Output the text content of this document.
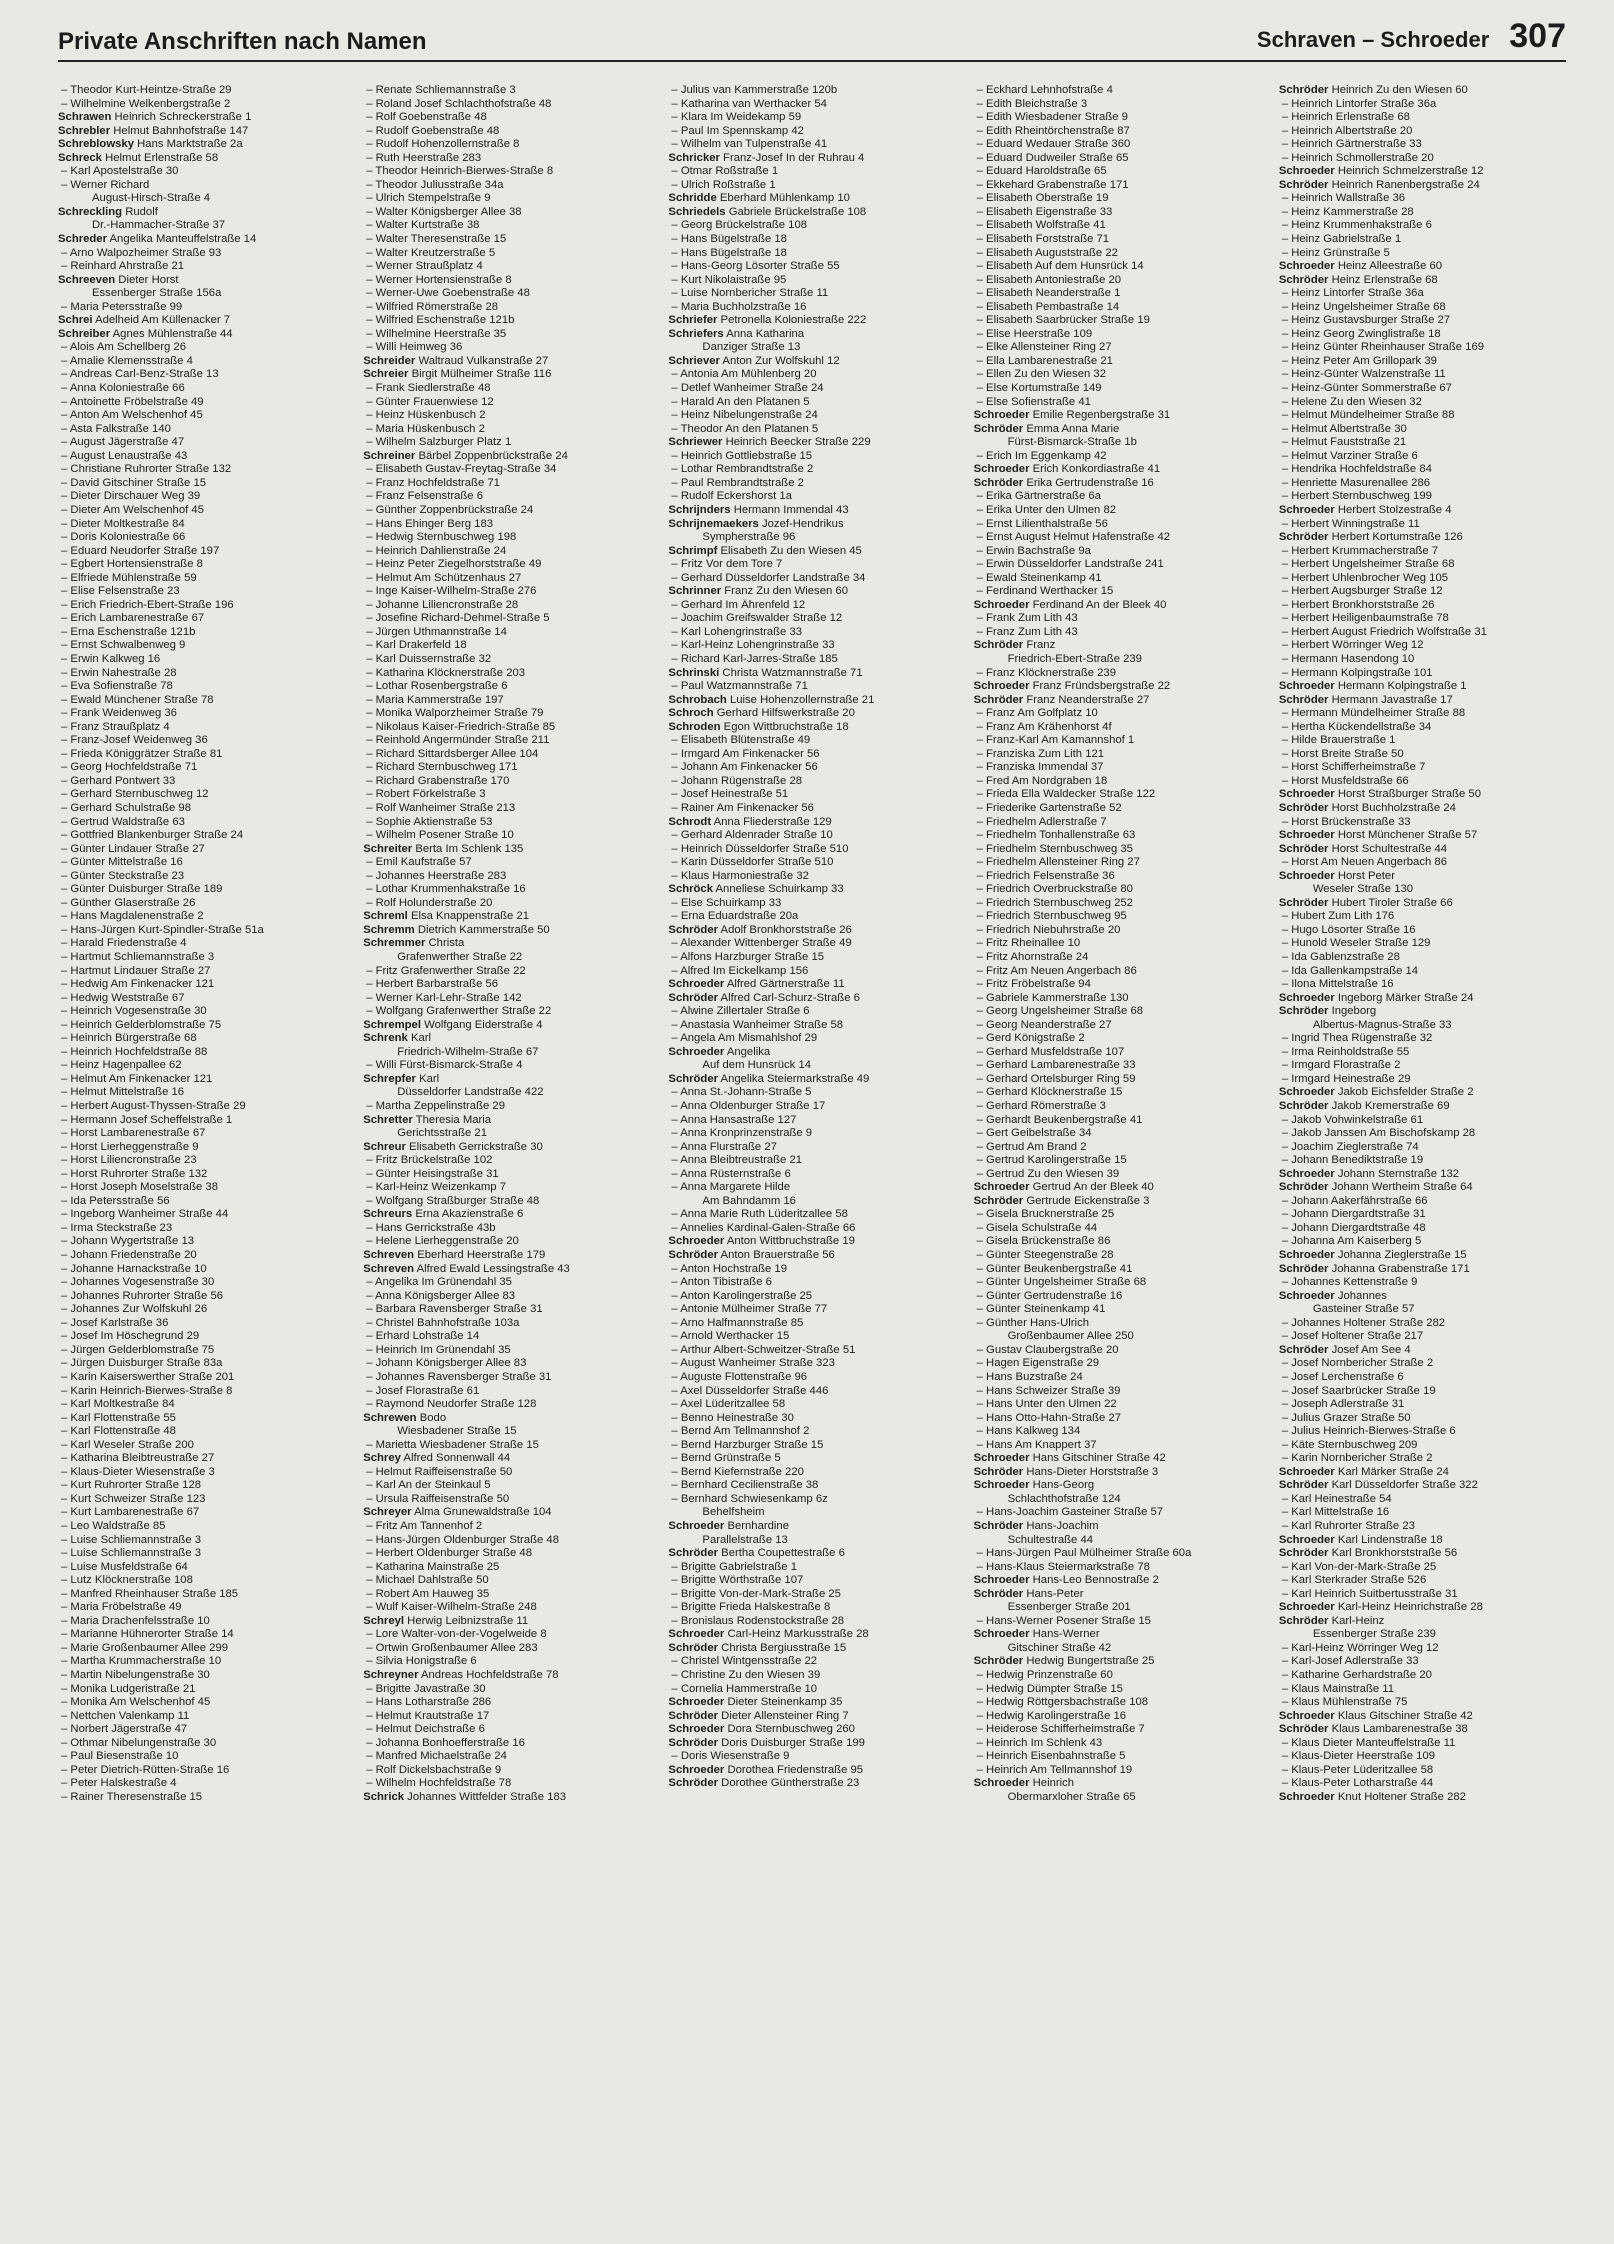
Private Anschriften nach Namen	Schraven – Schroeder 307
– Theodor Kurt-Heintze-Straße 29
– Wilhelmine Welkenbergstraße 2
Schrawen Heinrich Schreckerstraße 1
Schrebler Helmut Bahnhofstraße 147
Schreblowsky Hans Marktstraße 2a
Schreck Helmut Erlenstraße 58
– Karl Apostelstraße 30
– Werner Richard
August-Hirsch-Straße 4
Schreckling Rudolf
Dr.-Hammacher-Straße 37
Schreder Angelika Manteuffelstraße 14
– Arno Walpozheimer Straße 93
– Reinhard Ahrstraße 21
Schreeven Dieter Horst
Essenberger Straße 156a
– Maria Petersstraße 99
Schrei Adelheid Am Küllenacker 7
Schreiber Agnes Mühlenstraße 44
– Alois Am Schellberg 26
– Amalie Klemensstraße 4
– Andreas Carl-Benz-Straße 13
– Anna Koloniestraße 66
– Antoinette Fröbelstraße 49
– Anton Am Welschenhof 45
– Asta Falkstraße 140
– August Jägerstraße 47
– August Lenaustraße 43
– Christiane Ruhrorter Straße 132
– David Gitschiner Straße 15
– Dieter Dirschauer Weg 39
– Dieter Am Welschenhof 45
– Dieter Moltkestraße 84
– Doris Koloniestraße 66
– Eduard Neudorfer Straße 197
– Egbert Hortensienstraße 8
– Elfriede Mühlenstraße 59
– Elise Felsenstraße 23
– Erich Friedrich-Ebert-Straße 196
– Erich Lambarenestraße 67
– Erna Eschenstraße 121b
– Ernst Schwalbenweg 9
– Erwin Kalkweg 16
– Erwin Nahestraße 28
– Eva Sofienstraße 78
– Ewald Münchener Straße 78
– Frank Weidenweg 36
– Franz Straußplatz 4
– Franz-Josef Weidenweg 36
– Frieda Königgrätzer Straße 81
– Georg Hochfeldstraße 71
– Gerhard Pontwert 33
– Gerhard Sternbuschweg 12
– Gerhard Schulstraße 98
– Gertrud Waldstraße 63
– Gottfried Blankenburger Straße 24
– Günter Lindauer Straße 27
– Günter Mittelstraße 16
– Günter Steckstraße 23
– Günter Duisburger Straße 189
– Günther Glaserstraße 26
– Hans Magdalenenstraße 2
– Hans-Jürgen Kurt-Spindler-Straße 51a
– Harald Friedenstraße 4
– Hartmut Schliemannstraße 3
– Hartmut Lindauer Straße 27
– Hedwig Am Finkenacker 121
– Hedwig Weststraße 67
– Heinrich Vogesenstraße 30
– Heinrich Gelderblomstraße 75
– Heinrich Bürgerstraße 68
– Heinrich Hochfeldstraße 88
– Heinz Hagenpallee 62
– Helmut Am Finkenacker 121
– Helmut Mittelstraße 16
– Herbert August-Thyssen-Straße 29
– Hermann Josef Scheffelstraße 1
– Horst Lambarenestraße 67
– Horst Lierheggenstraße 9
– Horst Liliencronstraße 23
– Horst Ruhrorter Straße 132
– Horst Joseph Moselstraße 38
– Ida Petersstraße 56
– Ingeborg Wanheimer Straße 44
– Irma Steckstraße 23
– Johann Wygertstraße 13
– Johann Friedenstraße 20
– Johanne Harnackstraße 10
– Johannes Vogesenstraße 30
– Johannes Ruhrorter Straße 56
– Johannes Zur Wolfskuhl 26
– Josef Karlstraße 36
– Josef Im Höschegrund 29
– Jürgen Gelderblomstraße 75
– Jürgen Duisburger Straße 83a
– Karin Kaiserswerther Straße 201
– Karin Heinrich-Bierwes-Straße 8
– Karl Moltkestraße 84
– Karl Flottenstraße 55
– Karl Flottenstraße 48
– Karl Weseler Straße 200
– Katharina Bleibtreustraße 27
– Klaus-Dieter Wiesenstraße 3
– Kurt Ruhrorter Straße 128
– Kurt Schweizer Straße 123
– Kurt Lambarenestraße 67
– Leo Waldstraße 85
– Luise Schliemannstraße 3
– Luise Schliemannstraße 3
– Luise Musfeldstraße 64
– Lutz Klöcknerstraße 108
– Manfred Rheinhauser Straße 185
– Maria Fröbelstraße 49
– Maria Drachenfelsstraße 10
– Marianne Hühnerorter Straße 14
– Marie Großenbaumer Allee 299
– Martha Krummacherstraße 10
– Martin Nibelungenstraße 30
– Monika Ludgeristraße 21
– Monika Am Welschenhof 45
– Nettchen Valenkamp 11
– Norbert Jägerstraße 47
– Othmar Nibelungenstraße 30
– Paul Biesenstraße 10
– Peter Dietrich-Rütten-Straße 16
– Peter Halskestraße 4
– Rainer Theresenstraße 15
– Renate Schliemannstraße 3
– Roland Josef Schlachthofstraße 48
– Rolf Goebenstraße 48
– Rudolf Goebenstraße 48
– Rudolf Hohenzollernstraße 8
– Ruth Heerstraße 283
– Theodor Heinrich-Bierwes-Straße 8
– Theodor Juliusstraße 34a
– Ulrich Stempelstraße 9
– Walter Königsberger Allee 38
– Walter Kurtstraße 38
– Walter Theresenstraße 15
– Walter Kreutzerstraße 5
– Werner Straußplatz 4
– Werner Hortensienstraße 8
– Werner-Uwe Goebenstraße 48
– Wilfried Römerstraße 28
– Wilfried Eschenstraße 121b
– Wilhelmine Heerstraße 35
– Willi Heimweg 36
Schreider Waltraud Vulkanstraße 27
Schreier Birgit Mülheimer Straße 116
– Frank Siedlerstraße 48
– Günter Frauenwiese 12
– Heinz Hüskenbusch 2
– Maria Hüskenbusch 2
– Wilhelm Salzburger Platz 1
Schreiner Bärbel Zoppenbrückstraße 24
– Elisabeth Gustav-Freytag-Straße 34
– Franz Hochfeldstraße 71
– Franz Felsenstraße 6
– Günther Zoppenbrückstraße 24
– Hans Ehinger Berg 183
– Hedwig Sternbuschweg 198
– Heinrich Dahlienstraße 24
– Heinz Peter Ziegelhorststraße 49
– Helmut Am Schützenhaus 27
– Inge Kaiser-Wilhelm-Straße 276
– Johanne Liliencronstraße 28
– Josefine Richard-Dehmel-Straße 5
– Jürgen Uthmannstraße 14
– Karl Drakerfeld 18
– Karl Duissernstraße 32
– Katharina Klöcknerstraße 203
– Lothar Rosenbergstraße 6
– Maria Kammerstraße 197
– Monika Walporzheimer Straße 79
– Nikolaus Kaiser-Friedrich-Straße 85
– Reinhold Angermünder Straße 211
– Richard Sittardsberger Allee 104
– Richard Sternbuschweg 171
– Richard Grabenstraße 170
– Robert Förkelstraße 3
– Rolf Wanheimer Straße 213
– Sophie Aktienstraße 53
– Wilhelm Posener Straße 10
Schreiter Berta Im Schlenk 135
– Emil Kaufstraße 57
– Johannes Heerstraße 283
– Lothar Krummenhakstraße 16
– Rolf Holunderstraße 20
Schreml Elsa Knappenstraße 21
Schremm Dietrich Kammerstraße 50
Schremmer Christa
Grafenwerther Straße 22
– Fritz Grafenwerther Straße 22
– Herbert Barbarstraße 56
– Werner Karl-Lehr-Straße 142
– Wolfgang Grafenwerther Straße 22
Schrempel Wolfgang Eiderstraße 4
Schrenk Karl
Friedrich-Wilhelm-Straße 67
– Willi Fürst-Bismarck-Straße 4
Schrepfer Karl
Düsseldorfer Landstraße 422
– Martha Zeppelinstraße 29
Schretter Theresia Maria
Gerichtsstraße 21
Schreur Elisabeth Gerrickstraße 30
– Fritz Brückelstraße 102
– Günter Heisingstraße 31
– Karl-Heinz Weizenkamp 7
– Wolfgang Straßburger Straße 48
Schreurs Erna Akazienstraße 6
– Hans Gerrickstraße 43b
– Helene Lierheggenstraße 20
Schreven Eberhard Heerstraße 179
Schreven Alfred Ewald Lessingstraße 43
– Angelika Im Grünendahl 35
– Anna Königsberger Allee 83
– Barbara Ravensberger Straße 31
– Christel Bahnhofstraße 103a
– Erhard Lohstraße 14
– Heinrich Im Grünendahl 35
– Johann Königsberger Allee 83
– Johannes Ravensberger Straße 31
– Josef Florastraße 61
– Raymond Neudorfer Straße 128
Schrewen Bodo
Wiesbadener Straße 15
– Marietta Wiesbadener Straße 15
Schrey Alfred Sonnenwall 44
– Helmut Raiffeisenstraße 50
– Karl An der Steinkaul 5
– Ursula Raiffeisenstraße 50
Schreyer Alma Grunewaldstraße 104
– Fritz Am Tannenhof 2
– Hans-Jürgen Oldenburger Straße 48
– Herbert Oldenburger Straße 48
– Katharina Mainstraße 25
– Michael Dahlstraße 50
– Robert Am Hauweg 35
– Wulf Kaiser-Wilhelm-Straße 248
Schreyl Herwig Leibnizstraße 11
– Lore Walter-von-der-Vogelweide 8
– Ortwin Großenbaumer Allee 283
– Silvia Honigstraße 6
Schreyner Andreas Hochfeldstraße 78
– Brigitte Javastraße 30
– Hans Lotharstraße 286
– Helmut Krautstraße 17
– Helmut Deichstraße 6
– Johanna Bonhoefferstraße 16
– Manfred Michaelstraße 24
– Rolf Dickelsbachstraße 9
– Wilhelm Hochfeldstraße 78
Schrick Johannes Wittfelder Straße 183
– Julius van Kammerstraße 120b
– Katharina van Werthacker 54
– Klara Im Weidekamp 59
– Paul Im Spennskamp 42
– Wilhelm van Tulpenstraße 41
Schricker Franz-Josef In der Ruhrau 4
– Otmar Roßstraße 1
– Ulrich Roßstraße 1
Schridde Eberhard Mühlenkamp 10
Schriedels Gabriele Brückelstraße 108
– Georg Brückelstraße 108
– Hans Bügelstraße 18
– Hans Bügelstraße 18
– Hans-Georg Lösorter Straße 55
– Kurt Nikolaistraße 95
– Luise Nornbericher Straße 11
– Maria Buchholzstraße 16
Schriefer Petronella Koloniestraße 222
Schriefers Anna Katharina
Danziger Straße 13
Schriever Anton Zur Wolfskuhl 12
– Antonia Am Mühlenberg 20
– Detlef Wanheimer Straße 24
– Harald An den Platanen 5
– Heinz Nibelungenstraße 24
– Theodor An den Platanen 5
Schriewer Heinrich Beecker Straße 229
– Heinrich Gottliebstraße 15
– Lothar Rembrandtstraße 2
– Paul Rembrandtstraße 2
– Rudolf Eckershorst 1a
Schrijnders Hermann Immendal 43
Schrijnemaekers Jozef-Hendrikus
Sympherstraße 96
Schrimpf Elisabeth Zu den Wiesen 45
– Fritz Vor dem Tore 7
– Gerhard Düsseldorfer Landstraße 34
Schrinner Franz Zu den Wiesen 60
– Gerhard Im Ährenfeld 12
– Joachim Greifswalder Straße 12
– Karl Lohengrinstraße 33
– Karl-Heinz Lohengrinstraße 33
– Richard Karl-Jarres-Straße 185
Schrinski Christa Watzmannstraße 71
– Paul Watzmannstraße 71
Schrobach Luise Hohenzollernstraße 21
Schroch Gerhard Hilfswerkstraße 20
Schroden Egon Wittbruchstraße 18
– Elisabeth Blütenstraße 49
– Irmgard Am Finkenacker 56
– Johann Am Finkenacker 56
– Johann Rügenstraße 28
– Josef Heinestraße 51
– Rainer Am Finkenacker 56
Schrodt Anna Fliederstraße 129
– Gerhard Aldenrader Straße 10
– Heinrich Düsseldorfer Straße 510
– Karin Düsseldorfer Straße 510
– Klaus Harmoniestraße 32
Schröck Anneliese Schuirkamp 33
– Else Schuirkamp 33
– Erna Eduardstraße 20a
Schröder Adolf Bronkhorststraße 26
– Alexander Wittenberger Straße 49
– Alfons Harzburger Straße 15
– Alfred Im Eickelkamp 156
Schroeder Alfred Gärtnerstraße 11
Schröder Alfred Carl-Schurz-Straße 6
– Alwine Zillertaler Straße 6
– Anastasia Wanheimer Straße 58
– Angela Am Mismahlshof 29
Schroeder Angelika
Auf dem Hunsrück 14
Schröder Angelika Steiermarkstraße 49
– Anna St.-Johann-Straße 5
– Anna Oldenburger Straße 17
– Anna Hansastraße 127
– Anna Kronprinzenstraße 9
– Anna Flurstraße 27
– Anna Bleibtreustraße 21
– Anna Rüsternstraße 6
– Anna Margarete Hilde
Am Bahndamm 16
– Anna Marie Ruth Lüderitzallee 58
– Annelies Kardinal-Galen-Straße 66
Schroeder Anton Wittbruchstraße 19
Schröder Anton Brauerstraße 56
– Anton Hochstraße 19
– Anton Tibistraße 6
– Anton Karolingerstraße 25
– Antonie Mülheimer Straße 77
– Arno Halfmannstraße 85
– Arnold Werthacker 15
– Arthur Albert-Schweitzer-Straße 51
– August Wanheimer Straße 323
– Auguste Flottenstraße 96
– Axel Düsseldorfer Straße 446
– Axel Lüderitzallee 58
– Benno Heinestraße 30
– Bernd Am Tellmannshof 2
– Bernd Harzburger Straße 15
– Bernd Grünstraße 5
– Bernd Kiefernstraße 220
– Bernhard Cecilienstraße 38
– Bernhard Schwiesenkamp 6z
Behelfsheim
Schroeder Bernhardine
Parallelstraße 13
Schröder Bertha Coupettestraße 6
– Brigitte Gabrielstraße 1
– Brigitte Wörthstraße 107
– Brigitte Von-der-Mark-Straße 25
– Brigitte Frieda Halskestraße 8
– Bronislaus Rodenstockstraße 28
Schroeder Carl-Heinz Markusstraße 28
Schröder Christa Bergiusstraße 15
– Christel Wintgensstraße 22
– Christine Zu den Wiesen 39
– Cornelia Hammerstraße 10
Schroeder Dieter Steinenkamp 35
Schröder Dieter Allensteiner Ring 7
Schroeder Dora Sternbuschweg 260
Schröder Doris Duisburger Straße 199
– Doris Wiesenstraße 9
Schroeder Dorothea Friedenstraße 95
Schröder Dorothee Güntherstraße 23
– Eckhard Lehnhofstraße 4
– Edith Bleichstraße 3
– Edith Wiesbadener Straße 9
– Edith Rheintörchenstraße 87
– Eduard Wedauer Straße 360
– Eduard Dudweiler Straße 65
– Eduard Haroldstraße 65
– Ekkehard Grabenstraße 171
– Elisabeth Oberstraße 19
– Elisabeth Eigenstraße 33
– Elisabeth Wolfstraße 41
– Elisabeth Forststraße 71
– Elisabeth Auguststraße 22
– Elisabeth Auf dem Hunsrück 14
– Elisabeth Antoniestraße 20
– Elisabeth Neanderstraße 1
– Elisabeth Pembastraße 14
– Elisabeth Saarbrücker Straße 19
– Elise Heerstraße 109
– Elke Allensteiner Ring 27
– Ella Lambarenestraße 21
– Ellen Zu den Wiesen 32
– Else Kortumstraße 149
– Else Sofienstraße 41
Schroeder Emilie Regenbergstraße 31
Schröder Emma Anna Marie
Fürst-Bismarck-Straße 1b
– Erich Im Eggenkamp 42
Schroeder Erich Konkordiastraße 41
Schröder Erika Gertrudenstraße 16
– Erika Gärtnerstraße 6a
– Erika Unter den Ulmen 82
– Ernst Lilienthalstraße 56
– Ernst August Helmut Hafenstraße 42
– Erwin Bachstraße 9a
– Erwin Düsseldorfer Landstraße 241
– Ewald Steinenkamp 41
– Ferdinand Werthacker 15
Schroeder Ferdinand An der Bleek 40
– Frank Zum Lith 43
– Franz Zum Lith 43
Schröder Franz
Friedrich-Ebert-Straße 239
– Franz Klöcknerstraße 239
Schroeder Franz Fründsbergstraße 22
Schröder Franz Neanderstraße 27
– Franz Am Golfplatz 10
– Franz Am Krähenhorst 4f
– Franz-Karl Am Kamannshof 1
– Franziska Zum Lith 121
– Franziska Immendal 37
– Fred Am Nordgraben 18
– Frieda Ella Waldecker Straße 122
– Friederike Gartenstraße 52
– Friedhelm Adlerstraße 7
– Friedhelm Tonhallenstraße 63
– Friedhelm Sternbuschweg 35
– Friedhelm Allensteiner Ring 27
– Friedrich Felsenstraße 36
– Friedrich Overbruckstraße 80
– Friedrich Sternbuschweg 252
– Friedrich Sternbuschweg 95
– Friedrich Niebuhrstraße 20
– Fritz Rheinallee 10
– Fritz Ahornstraße 24
– Fritz Am Neuen Angerbach 86
– Fritz Fröbelstraße 94
– Gabriele Kammerstraße 130
– Georg Ungelsheimer Straße 68
– Georg Neanderstraße 27
– Gerd Königstraße 2
– Gerhard Musfeldstraße 107
– Gerhard Lambarenestraße 33
– Gerhard Ortelsburger Ring 59
– Gerhard Klöcknerstraße 15
– Gerhard Römerstraße 3
– Gerhardt Beukenbergstraße 41
– Gert Geibelstraße 34
– Gertrud Am Brand 2
– Gertrud Karolingerstraße 15
– Gertrud Zu den Wiesen 39
Schroeder Gertrud An der Bleek 40
Schröder Gertrude Eickenstraße 3
– Gisela Brucknerstraße 25
– Gisela Schulstraße 44
– Gisela Brückenstraße 86
– Günter Steegenstraße 28
– Günter Beukenbergstraße 41
– Günter Ungelsheimer Straße 68
– Günter Gertrudenstraße 16
– Günter Steinenkamp 41
– Günther Hans-Ulrich
Großenbaumer Allee 250
– Gustav Claubergstraße 20
– Hagen Eigenstraße 29
– Hans Buzstraße 24
– Hans Schweizer Straße 39
– Hans Unter den Ulmen 22
– Hans Otto-Hahn-Straße 27
– Hans Kalkweg 134
– Hans Am Knappert 37
Schroeder Hans Gitschiner Straße 42
Schröder Hans-Dieter Horststraße 3
Schroeder Hans-Georg
Schlachthofstraße 124
– Hans-Joachim Gasteiner Straße 57
Schröder Hans-Joachim
Schultestraße 44
– Hans-Jürgen Paul Mülheimer Straße 60a
– Hans-Klaus Steiermarkstraße 78
Schroeder Hans-Leo Bennostraße 2
Schröder Hans-Peter
Essenberger Straße 201
– Hans-Werner Posener Straße 15
Schroeder Hans-Werner
Gitschiner Straße 42
Schröder Hedwig Bungertstraße 25
– Hedwig Prinzenstraße 60
– Hedwig Dümpter Straße 15
– Hedwig Röttgersbachstraße 108
– Hedwig Karolingerstraße 16
– Heiderose Schifferheimstraße 7
– Heinrich Im Schlenk 43
– Heinrich Eisenbahnstraße 5
– Heinrich Am Tellmannshof 19
Schroeder Heinrich
Obermarxloher Straße 65
Schröder Heinrich Zu den Wiesen 60
– Heinrich Lintorfer Straße 36a
– Heinrich Erlenstraße 68
– Heinrich Albertstraße 20
– Heinrich Gärtnerstraße 33
– Heinrich Schmollerstraße 20
Schroeder Heinrich Schmelzerstraße 12
Schröder Heinrich Ranenbergstraße 24
– Heinrich Wallstraße 36
– Heinz Kammerstraße 28
– Heinz Krummenhakstraße 6
– Heinz Gabrielstraße 1
– Heinz Grünstraße 5
Schroeder Heinz Alleestraße 60
Schröder Heinz Erlenstraße 68
– Heinz Lintorfer Straße 36a
– Heinz Ungelsheimer Straße 68
– Heinz Gustavsburger Straße 27
– Heinz Georg Zwinglistraße 18
– Heinz Günter Rheinhauser Straße 169
– Heinz Peter Am Grillopark 39
– Heinz-Günter Walzenstraße 11
– Heinz-Günter Sommerstraße 67
– Helene Zu den Wiesen 32
– Helmut Mündelheimer Straße 88
– Helmut Albertstraße 30
– Helmut Fauststraße 21
– Helmut Varziner Straße 6
– Hendrika Hochfeldstraße 84
– Henriette Masurenallee 286
– Herbert Sternbuschweg 199
Schroeder Herbert Stolzestraße 4
– Herbert Winningstraße 11
Schröder Herbert Kortumstraße 126
– Herbert Krummacherstraße 7
– Herbert Ungelsheimer Straße 68
– Herbert Uhlenbrocher Weg 105
– Herbert Augsburger Straße 12
– Herbert Bronkhorststraße 26
– Herbert Heiligenbaumstraße 78
– Herbert August Friedrich Wolfstraße 31
– Herbert Wörringer Weg 12
– Hermann Hasendong 10
– Hermann Kolpingstraße 101
Schroeder Hermann Kolpingstraße 1
Schröder Hermann Javastraße 17
– Hermann Mündelheimer Straße 88
– Hertha Kückendellstraße 34
– Hilde Brauerstraße 1
– Horst Breite Straße 50
– Horst Schifferheimstraße 7
– Horst Musfeldstraße 66
Schroeder Horst Straßburger Straße 50
Schröder Horst Buchholzstraße 24
– Horst Brückenstraße 33
Schroeder Horst Münchener Straße 57
Schröder Horst Schultestraße 44
– Horst Am Neuen Angerbach 86
Schroeder Horst Peter
Weseler Straße 130
Schröder Hubert Tiroler Straße 66
– Hubert Zum Lith 176
– Hugo Lösorter Straße 16
– Hunold Weseler Straße 129
– Ida Gablenzstraße 28
– Ida Gallenkampstraße 14
– Ilona Mittelstraße 16
Schroeder Ingeborg Märker Straße 24
Schröder Ingeborg
Albertus-Magnus-Straße 33
– Ingrid Thea Rügenstraße 32
– Irma Reinholdstraße 55
– Irmgard Florastraße 2
– Irmgard Heinestraße 29
Schroeder Jakob Eichsfelder Straße 2
Schröder Jakob Kremerstraße 69
– Jakob Vohwinkelstraße 61
– Jakob Janssen Am Bischofskamp 28
– Joachim Zieglerstraße 74
– Johann Benediktstraße 19
Schroeder Johann Sternstraße 132
Schröder Johann Wertheim Straße 64
– Johann Aakerfährstraße 66
– Johann Diergardtstraße 31
– Johann Diergardtstraße 48
– Johanna Am Kaiserberg 5
Schroeder Johanna Zieglerstraße 15
Schröder Johanna Grabenstraße 171
– Johannes Kettenstraße 9
Schroeder Johannes
Gasteiner Straße 57
– Johannes Holtener Straße 282
– Josef Holtener Straße 217
Schröder Josef Am See 4
– Josef Nornbericher Straße 2
– Josef Lerchenstraße 6
– Josef Saarbrücker Straße 19
– Joseph Adlerstraße 31
– Julius Grazer Straße 50
– Julius Heinrich-Bierwes-Straße 6
– Käte Sternbuschweg 209
– Karin Nornbericher Straße 2
Schroeder Karl Märker Straße 24
Schröder Karl Düsseldorfer Straße 322
– Karl Heinestraße 54
– Karl Mittelstraße 16
– Karl Ruhrorter Straße 23
Schroeder Karl Lindenstraße 18
Schröder Karl Bronkhorststraße 56
– Karl Von-der-Mark-Straße 25
– Karl Sterkrader Straße 526
– Karl Heinrich Suitbertusstraße 31
Schroeder Karl-Heinz Heinrichstraße 28
Schröder Karl-Heinz
Essenberger Straße 239
– Karl-Heinz Wörringer Weg 12
– Karl-Josef Adlerstraße 33
– Katharine Gerhardstraße 20
– Klaus Mainstraße 11
– Klaus Mühlenstraße 75
Schroeder Klaus Gitschiner Straße 42
Schröder Klaus Lambarenestraße 38
– Klaus Dieter Manteuffelstraße 11
– Klaus-Dieter Heerstraße 109
– Klaus-Peter Lüderitzallee 58
– Klaus-Peter Lotharstraße 44
Schroeder Knut Holtener Straße 282
